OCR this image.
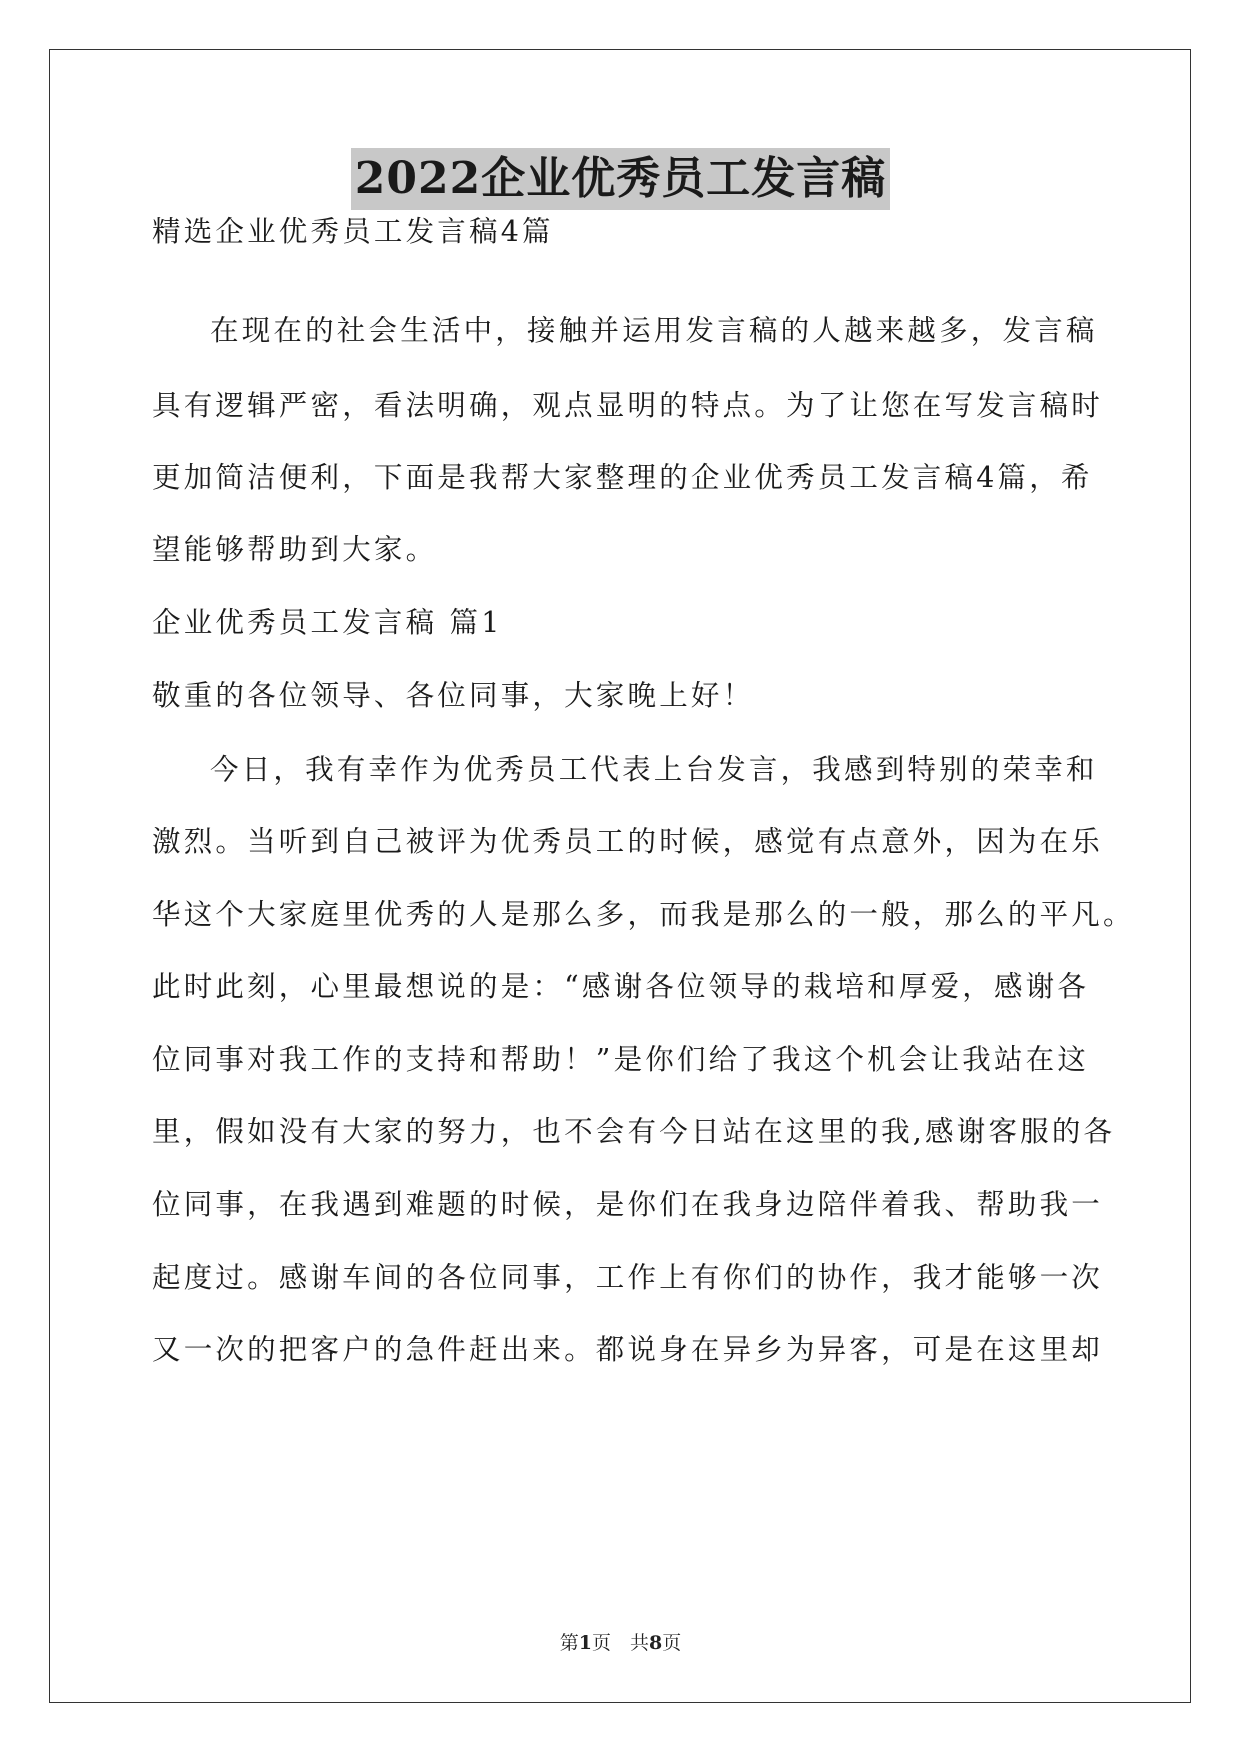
2022企业优秀员工发言稿
精选企业优秀员工发言稿4篇
在现在的社会生活中，接触并运用发言稿的人越来越多，发言稿
具有逻辑严密，看法明确，观点显明的特点。为了让您在写发言稿时
更加简洁便利，下面是我帮大家整理的企业优秀员工发言稿4篇，希
望能够帮助到大家。
企业优秀员工发言稿 篇1
敬重的各位领导、各位同事，大家晚上好！
今日，我有幸作为优秀员工代表上台发言，我感到特别的荣幸和
激烈。当听到自己被评为优秀员工的时候，感觉有点意外，因为在乐
华这个大家庭里优秀的人是那么多，而我是那么的一般，那么的平凡。
此时此刻，心里最想说的是：“感谢各位领导的栽培和厚爱，感谢各
位同事对我工作的支持和帮助！”是你们给了我这个机会让我站在这
里，假如没有大家的努力，也不会有今日站在这里的我,感谢客服的各
位同事，在我遇到难题的时候，是你们在我身边陪伴着我、帮助我一
起度过。感谢车间的各位同事，工作上有你们的协作，我才能够一次
又一次的把客户的急件赶出来。都说身在异乡为异客，可是在这里却
第1页　共8页
